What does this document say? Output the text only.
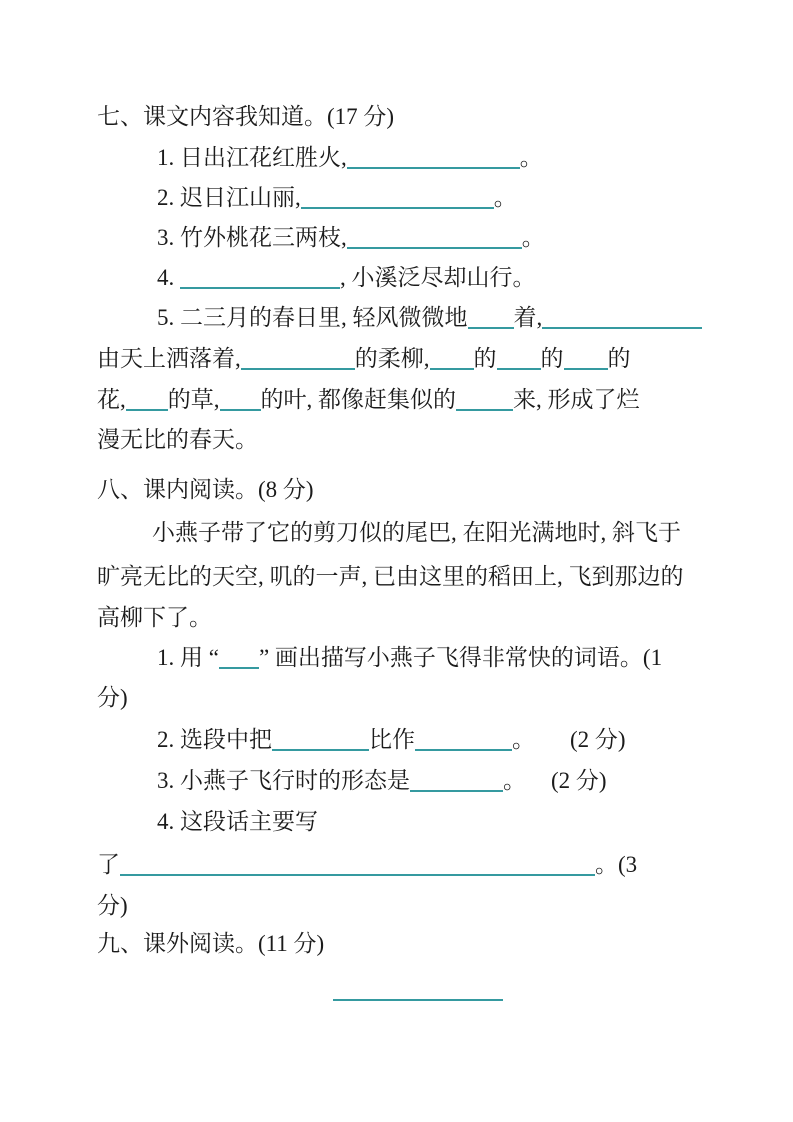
七、课文内容我知道。(17 分)
1. 日出江花红胜火,	。
2. 迟日江山丽,	。
3. 竹外桃花三两枝,	。
4.	, 小溪泛尽却山行。
5. 二三月的春日里, 轻风微微地 着,
由天上洒落着,	的柔柳, 的 的 的
花, 的草, 的叶, 都像赶集似的 来, 形成了烂
漫无比的春天。
八、课内阅读。(8 分)
小燕子带了它的剪刀似的尾巴, 在阳光满地时, 斜飞于
旷亮无比的天空, 叽的一声, 已由这里的稻田上, 飞到那边的
高柳下了。
1. 用 “ ” 画出描写小燕子飞得非常快的词语。(1
分)
2. 选段中把	比作	。 (2 分)
3. 小燕子飞行时的形态是	。 (2 分)
4. 这段话主要写
了	。(3
分)
九、课外阅读。(11 分)
